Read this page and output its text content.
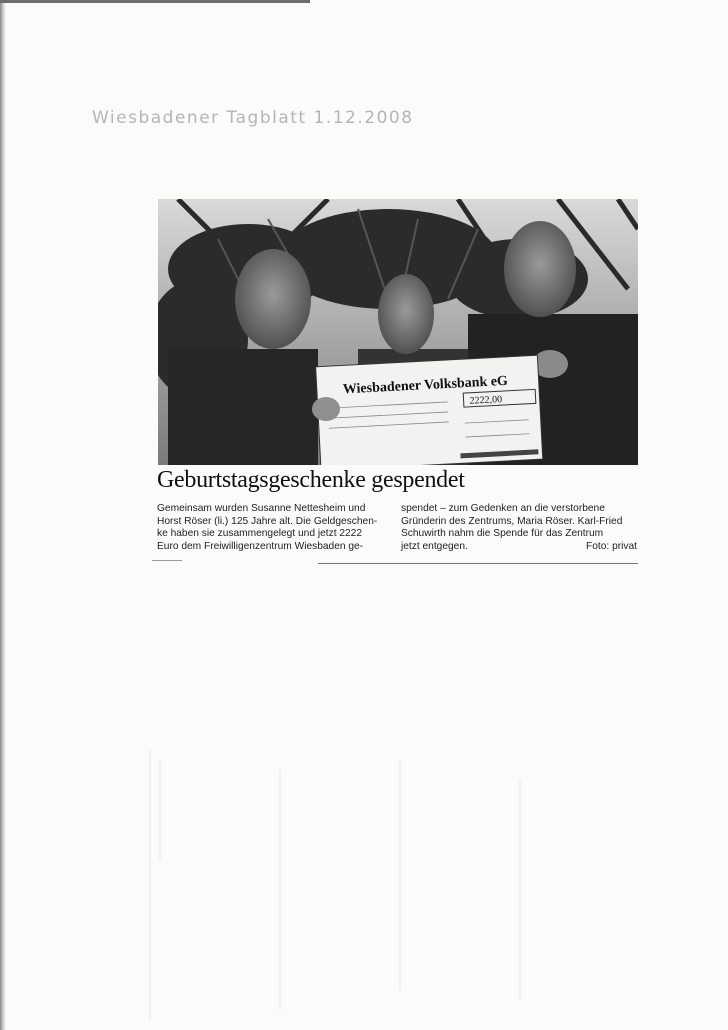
Wiesbadener Tagblatt 1.12.2008
Wiesbadener Volksbank eG
2222,00
Geburtstagsgeschenke gespendet

Gemeinsam wurden Susanne Nettesheim und

Horst Röser (li.) 125 Jahre alt. Die Geldgeschen-

ke haben sie zusammengelegt und jetzt 2222

Euro dem Freiwilligenzentrum Wiesbaden ge-

spendet – zum Gedenken an die verstorbene

Gründerin des Zentrums, Maria Röser. Karl-Fried

Schuwirth nahm die Spende für das Zentrum

jetzt entgegen.	Foto: privat
